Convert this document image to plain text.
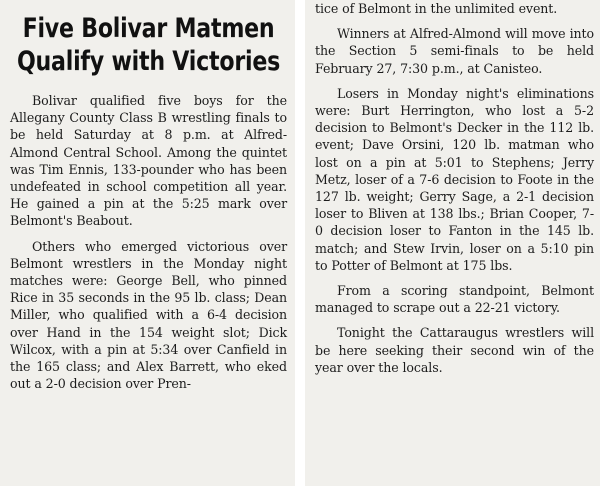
Five Bolivar Matmen
Qualify with Victories

Bolivar qualified five boys for the Allegany County Class B wrestling finals to be held Saturday at 8 p.m. at Alfred-Almond Central School. Among the quintet was Tim Ennis, 133-pounder who has been undefeated in school competition all year. He gained a pin at the 5:25 mark over Belmont's Beabout.

Others who emerged victorious over Belmont wrestlers in the Monday night matches were: George Bell, who pinned Rice in 35 seconds in the 95 lb. class; Dean Miller, who qualified with a 6-4 decision over Hand in the 154 weight slot; Dick Wilcox, with a pin at 5:34 over Canfield in the 165 class; and Alex Barrett, who eked out a 2-0 decision over Pren-

tice of Belmont in the unlimited event.

Winners at Alfred-Almond will move into the Section 5 semi-finals to be held February 27, 7:30 p.m., at Canisteo.

Losers in Monday night's eliminations were: Burt Herrington, who lost a 5-2 decision to Belmont's Decker in the 112 lb. event; Dave Orsini, 120 lb. matman who lost on a pin at 5:01 to Stephens; Jerry Metz, loser of a 7-6 decision to Foote in the 127 lb. weight; Gerry Sage, a 2-1 decision loser to Bliven at 138 lbs.; Brian Cooper, 7-0 decision loser to Fanton in the 145 lb. match; and Stew Irvin, loser on a 5:10 pin to Potter of Belmont at 175 lbs.

From a scoring standpoint, Belmont managed to scrape out a 22-21 victory.

Tonight the Cattaraugus wrestlers will be here seeking their second win of the year over the locals.
